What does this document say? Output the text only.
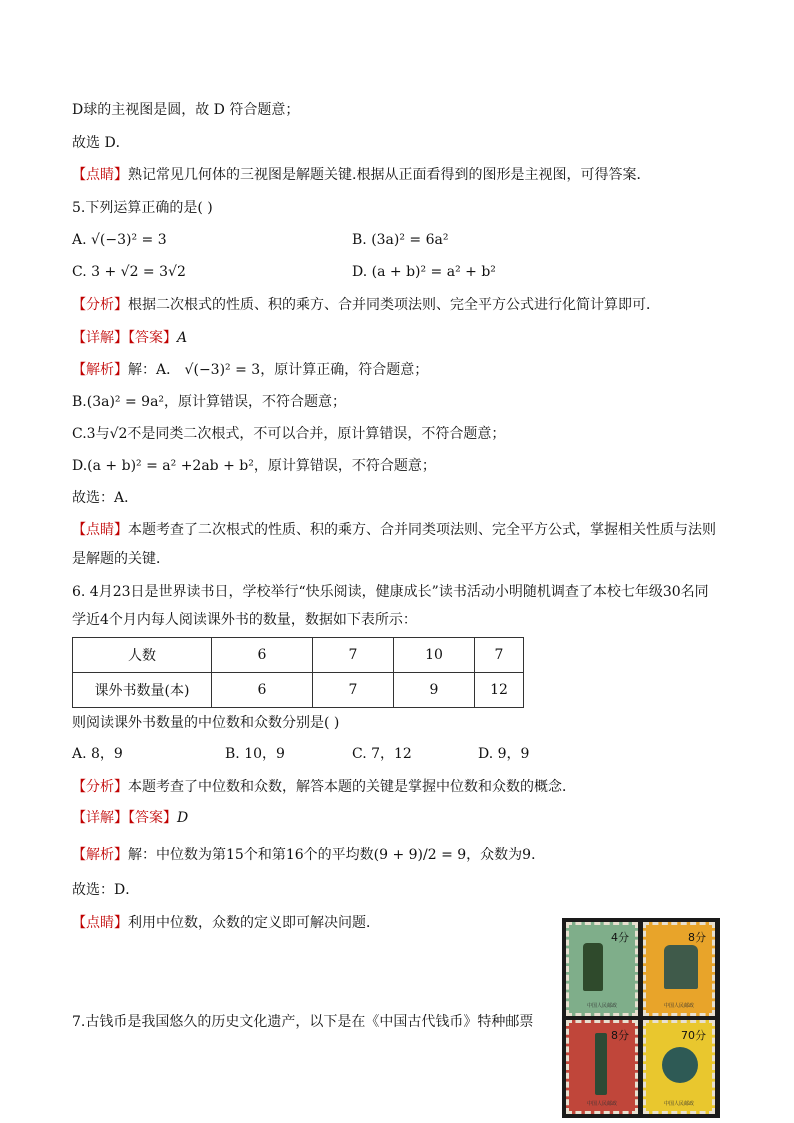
D球的主视图是圆，故 D 符合题意；
故选 D．
【点睛】熟记常见几何体的三视图是解题关键.根据从正面看得到的图形是主视图，可得答案．
5.下列运算正确的是( )
A. √(−3)² = 3	B. (3a)² = 6a²
C. 3 + √2 = 3√2	D. (a + b)² = a² + b²
【分析】根据二次根式的性质、积的乘方、合并同类项法则、完全平方公式进行化简计算即可．
【详解】【答案】A
【解析】解：A． √(−3)² = 3，原计算正确，符合题意；
B.(3a)² = 9a²，原计算错误，不符合题意；
C.3与√2不是同类二次根式，不可以合并，原计算错误，不符合题意；
D.(a + b)² = a² +2ab + b²，原计算错误，不符合题意；
故选：A．
【点睛】本题考查了二次根式的性质、积的乘方、合并同类项法则、完全平方公式，掌握相关性质与法则
是解题的关键．
6. 4月23日是世界读书日，学校举行“快乐阅读，健康成长”读书活动小明随机调查了本校七年级30名同
学近4个月内每人阅读课外书的数量，数据如下表所示：
人数	6	7	10	7
课外书数量(本)	6	7	9	12
则阅读课外书数量的中位数和众数分别是( )
A. 8，9	B. 10，9	C. 7，12	D. 9，9
【分析】本题考查了中位数和众数，解答本题的关键是掌握中位数和众数的概念．
【详解】【答案】D
【解析】解：中位数为第15个和第16个的平均数(9 + 9)/2 = 9，众数为9．
故选：D．
【点睛】利用中位数，众数的定义即可解决问题．
7.古钱币是我国悠久的历史文化遗产，以下是在《中国古代钱币》特种邮票
4分
中国人民邮政
8分
中国人民邮政
8分
中国人民邮政
70分
中国人民邮政
